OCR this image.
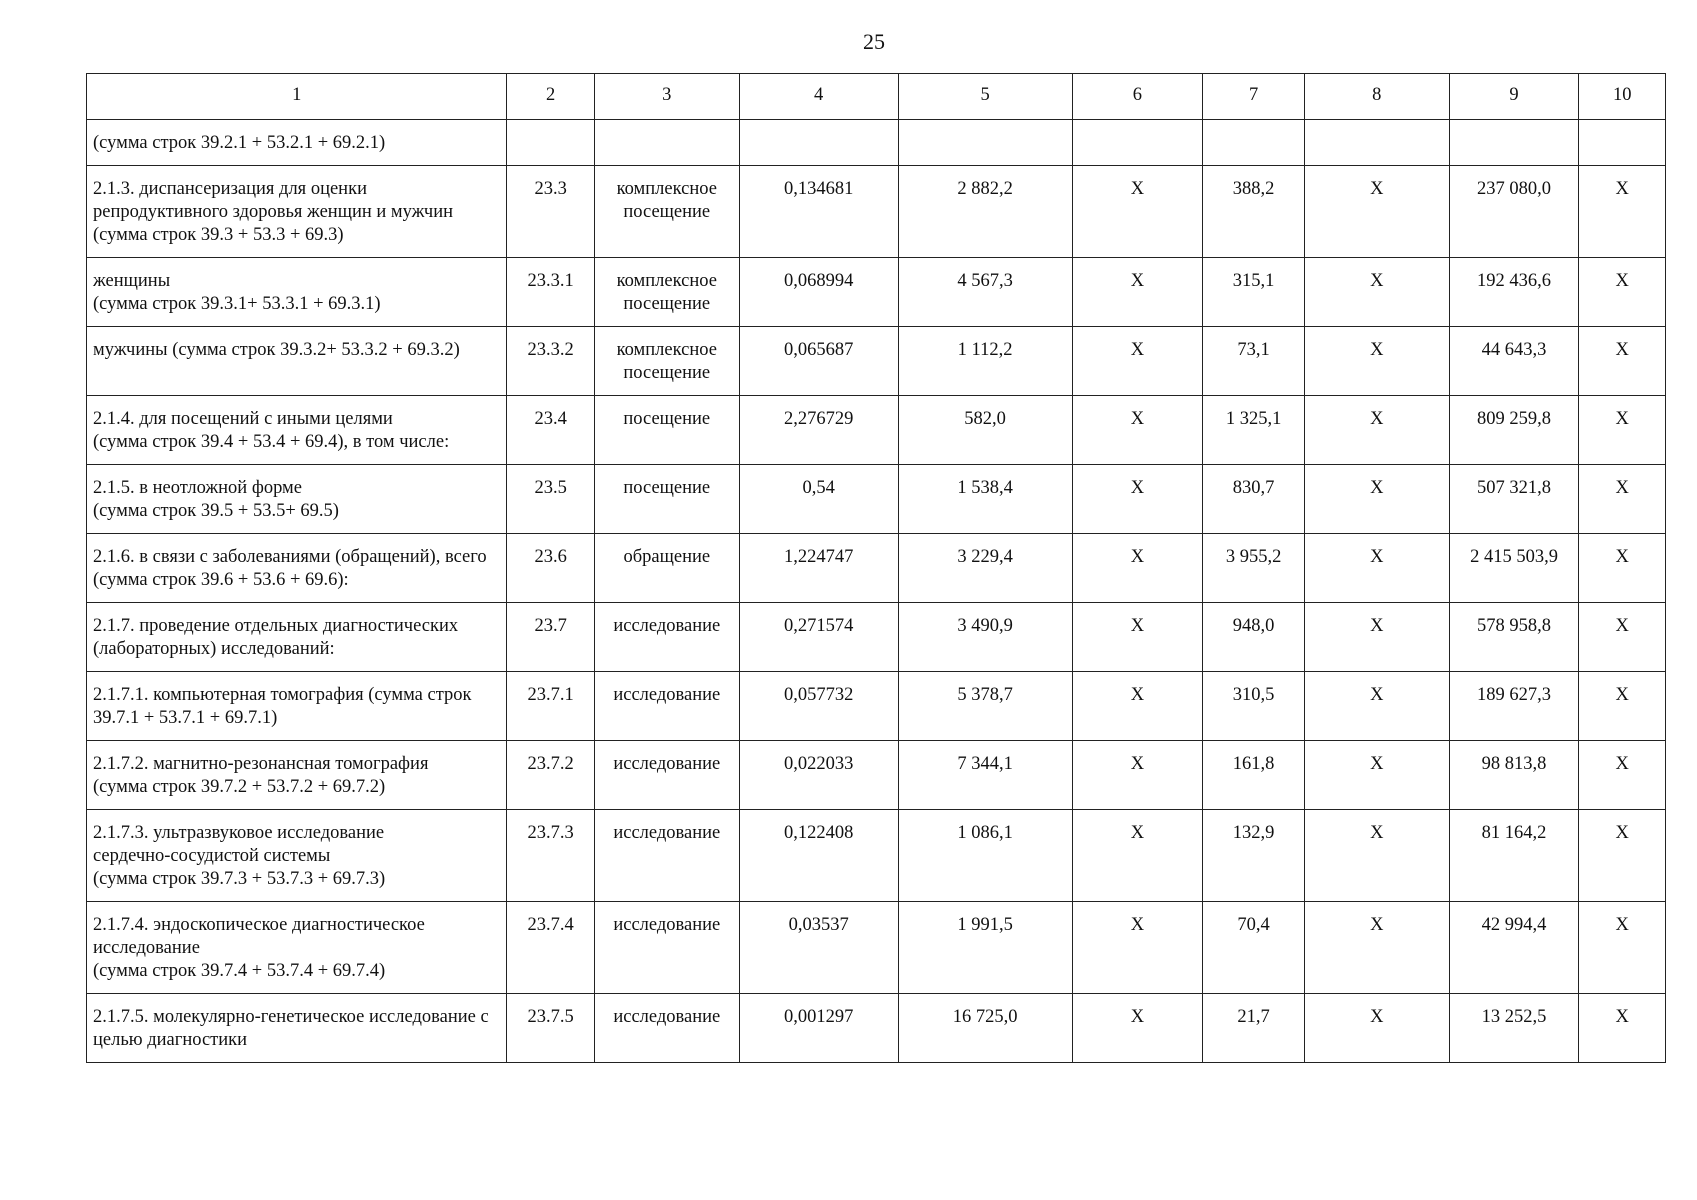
25
1	2	3	4	5	6	7	8	9	10
(сумма строк 39.2.1 + 53.2.1 + 69.2.1)									
2.1.3. диспансеризация для оценки репродуктивного здоровья женщин и мужчин (сумма строк 39.3 + 53.3 + 69.3)	23.3	комплексное посещение	0,134681	2 882,2	Х	388,2	Х	237 080,0	Х
женщины
(сумма строк 39.3.1+ 53.3.1 + 69.3.1)	23.3.1	комплексное посещение	0,068994	4 567,3	Х	315,1	Х	192 436,6	Х
мужчины (сумма строк 39.3.2+ 53.3.2 + 69.3.2)	23.3.2	комплексное посещение	0,065687	1 112,2	Х	73,1	Х	44 643,3	Х
2.1.4. для посещений с иными целями
(сумма строк 39.4 + 53.4 + 69.4), в том числе:	23.4	посещение	2,276729	582,0	Х	1 325,1	Х	809 259,8	Х
2.1.5. в неотложной форме
(сумма строк 39.5 + 53.5+ 69.5)	23.5	посещение	0,54	1 538,4	Х	830,7	Х	507 321,8	Х
2.1.6. в связи с заболеваниями (обращений), всего (сумма строк 39.6 + 53.6 + 69.6):	23.6	обращение	1,224747	3 229,4	Х	3 955,2	Х	2 415 503,9	Х
2.1.7. проведение отдельных диагностических (лабораторных) исследований:	23.7	исследование	0,271574	3 490,9	Х	948,0	Х	578 958,8	Х
2.1.7.1. компьютерная томография (сумма строк 39.7.1 + 53.7.1 + 69.7.1)	23.7.1	исследование	0,057732	5 378,7	Х	310,5	Х	189 627,3	Х
2.1.7.2. магнитно-резонансная томография
(сумма строк 39.7.2 + 53.7.2 + 69.7.2)	23.7.2	исследование	0,022033	7 344,1	Х	161,8	Х	98 813,8	Х
2.1.7.3. ультразвуковое исследование
сердечно-сосудистой системы
(сумма строк 39.7.3 + 53.7.3 + 69.7.3)	23.7.3	исследование	0,122408	1 086,1	Х	132,9	Х	81 164,2	Х
2.1.7.4. эндоскопическое диагностическое исследование
(сумма строк 39.7.4 + 53.7.4 + 69.7.4)	23.7.4	исследование	0,03537	1 991,5	Х	70,4	Х	42 994,4	Х
2.1.7.5. молекулярно-генетическое исследование с целью диагностики	23.7.5	исследование	0,001297	16 725,0	Х	21,7	Х	13 252,5	Х
